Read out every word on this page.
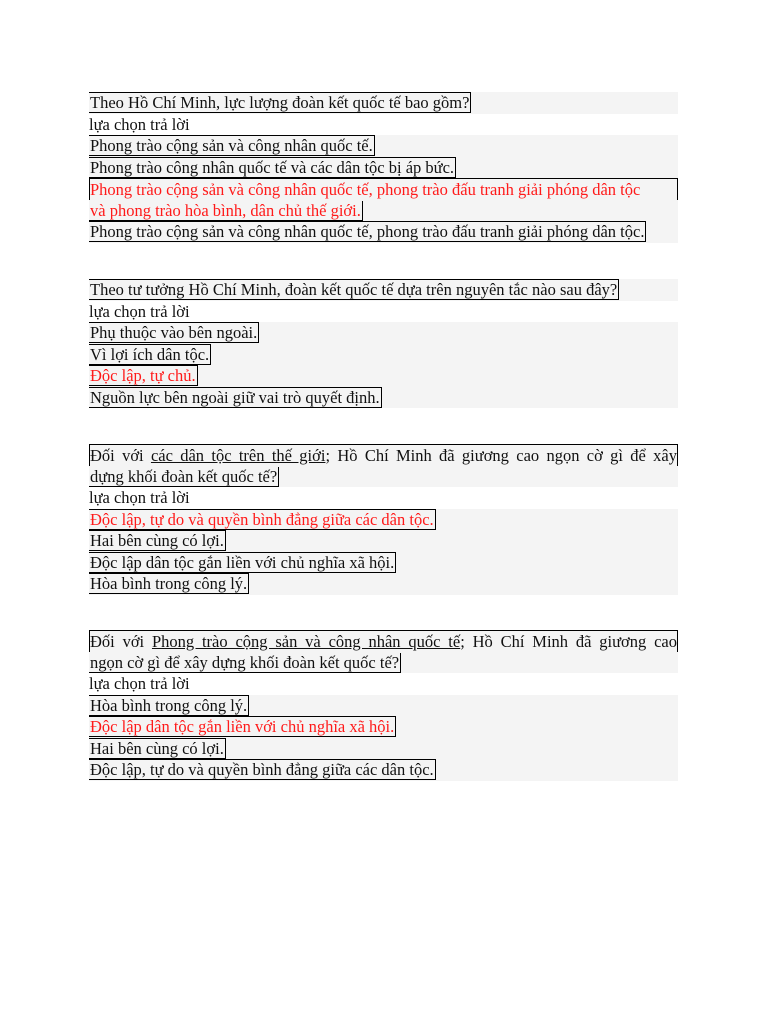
Theo Hồ Chí Minh, lực lượng đoàn kết quốc tế bao gồm?
lựa chọn trả lời
Phong trào cộng sản và công nhân quốc tế.
Phong trào công nhân quốc tế và các dân tộc bị áp bức.
Phong trào cộng sản và công nhân quốc tế, phong trào đấu tranh giải phóng dân tộc
và phong trào hòa bình, dân chủ thế giới.
Phong trào cộng sản và công nhân quốc tế, phong trào đấu tranh giải phóng dân tộc.
Theo tư tưởng Hồ Chí Minh, đoàn kết quốc tế dựa trên nguyên tắc nào sau đây?
lựa chọn trả lời
Phụ thuộc vào bên ngoài.
Vì lợi ích dân tộc.
Độc lập, tự chủ.
Nguồn lực bên ngoài giữ vai trò quyết định.
Đối với các dân tộc trên thế giới; Hồ Chí Minh đã giương cao ngọn cờ gì để xây
dựng khối đoàn kết quốc tế?
lựa chọn trả lời
Độc lập, tự do và quyền bình đẳng giữa các dân tộc.
Hai bên cùng có lợi.
Độc lập dân tộc gắn liền với chủ nghĩa xã hội.
Hòa bình trong công lý.
Đối với Phong trào cộng sản và công nhân quốc tế; Hồ Chí Minh đã giương cao
ngọn cờ gì để xây dựng khối đoàn kết quốc tế?
lựa chọn trả lời
Hòa bình trong công lý.
Độc lập dân tộc gắn liền với chủ nghĩa xã hội.
Hai bên cùng có lợi.
Độc lập, tự do và quyền bình đẳng giữa các dân tộc.
